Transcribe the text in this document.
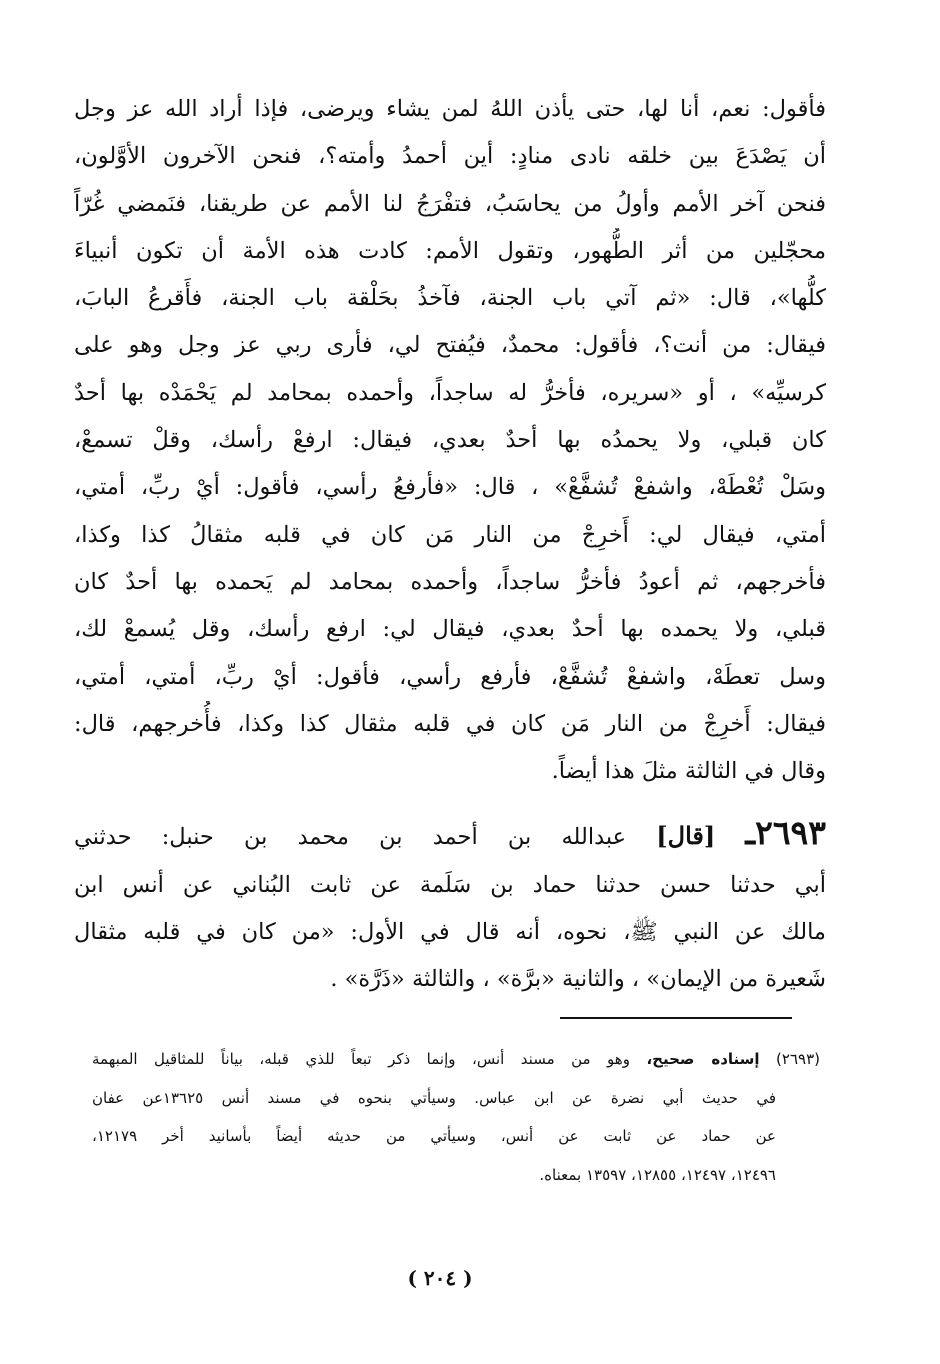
فأقول: نعم، أنا لها، حتى يأذن اللهُ لمن يشاء ويرضى، فإذا أراد الله عز وجل
أن يَصْدَعَ بين خلقه نادى منادٍ: أين أحمدُ وأمته؟، فنحن الآخرون الأوَّلون،
فنحن آخر الأمم وأولُ من يحاسَبُ، فتفْرَجُ لنا الأمم عن طريقنا، فنَمضي غُرّاً
محجّلين من أثر الطُّهور، وتقول الأمم: كادت هذه الأمة أن تكون أنبياءَ
كلُّها»، قال: «ثم آتي باب الجنة، فآخذُ بحَلْقة باب الجنة، فأَقرعُ البابَ،
فيقال: من أنت؟، فأقول: محمدٌ، فيُفتح لي، فأرى ربي عز وجل وهو على
كرسيِّه» ، أو «سريره، فأخرُّ له ساجداً، وأحمده بمحامد لم يَحْمَدْه بها أحدٌ
كان قبلي، ولا يحمدُه بها أحدٌ بعدي، فيقال: ارفعْ رأسك، وقلْ تسمعْ،
وسَلْ تُعْطَهْ، واشفعْ تُشفَّعْ» ، قال: «فأرفعُ رأسي، فأقول: أيْ ربِّ، أمتي،
أمتي، فيقال لي: أَخرِجْ من النار مَن كان في قلبه مثقالُ كذا وكذا،
فأخرجهم، ثم أعودُ فأخرُّ ساجداً، وأحمده بمحامد لم يَحمده بها أحدٌ كان
قبلي، ولا يحمده بها أحدٌ بعدي، فيقال لي: ارفع رأسك، وقل يُسمعْ لك،
وسل تعطَهْ، واشفعْ تُشفَّعْ، فأرفع رأسي، فأقول: أيْ ربِّ، أمتي، أمتي،
فيقال: أَخرِجْ من النار مَن كان في قلبه مثقال كذا وكذا، فأُخرجهم، قال:
وقال في الثالثة مثلَ هذا أيضاً.
٢٦٩٣ـ [قال] عبدالله بن أحمد بن محمد بن حنبل: حدثني
أبي حدثنا حسن حدثنا حماد بن سَلَمة عن ثابت البُناني عن أنس ابن
مالك عن النبي ﷺ، نحوه، أنه قال في الأول: «من كان في قلبه مثقال
شَعيرة من الإيمان» ، والثانية «برَّة» ، والثالثة «ذَرَّة» .
(٢٦٩٣) إسناده صحيح، وهو من مسند أنس، وإنما ذكر تبعاً للذي قبله، بياناً للمثاقيل المبهمة
في حديث أبي نضرة عن ابن عباس. وسيأتي بنحوه في مسند أنس ١٣٦٢٥عن عفان
عن حماد عن ثابت عن أنس، وسيأتي من حديثه أيضاً بأسانيد أخر ١٢١٧٩،
١٢٤٩٦، ١٢٤٩٧، ١٢٨٥٥، ١٣٥٩٧ بمعناه.
( ٢٠٤ )
